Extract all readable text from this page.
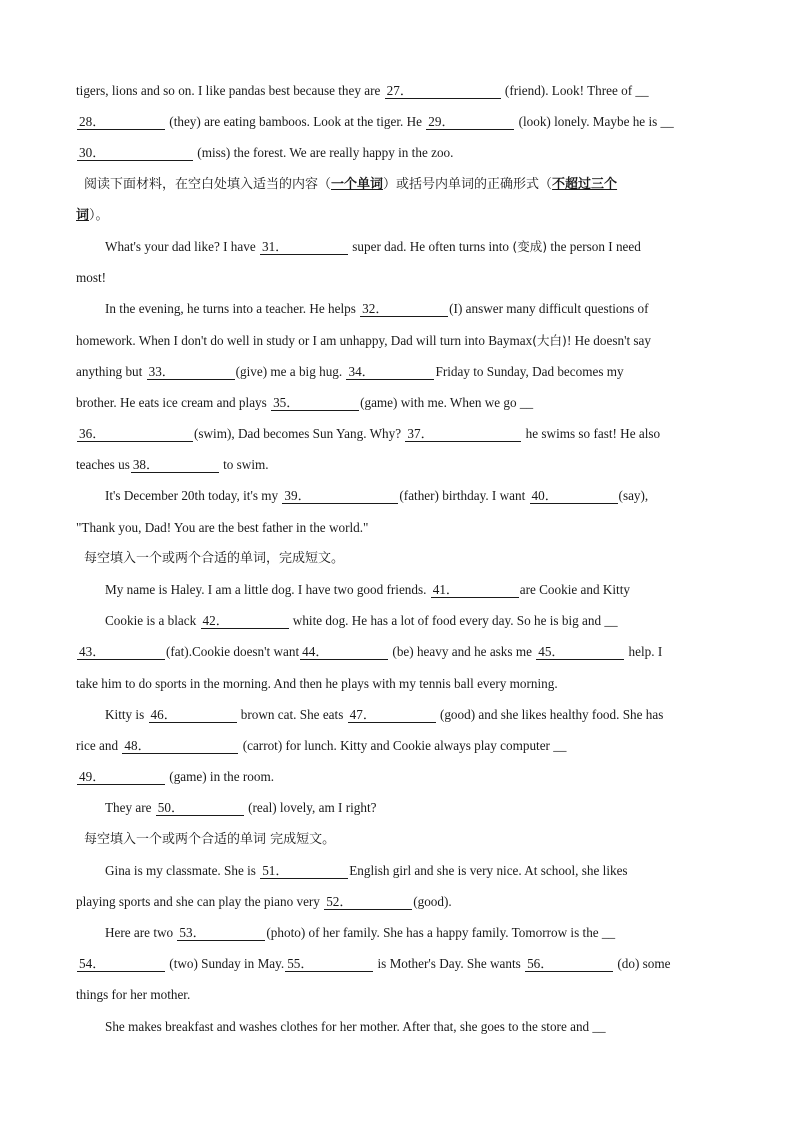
tigers, lions and so on. I like pandas best because they are 27．	(friend). Look! Three of __
28．	(they) are eating bamboos. Look at the tiger. He 29．	(look) lonely. Maybe he is __
30．	(miss) the forest. We are really happy in the zoo.
阅读下面材料，在空白处填入适当的内容（一个单词）或括号内单词的正确形式（不超过三个
词）。
What's your dad like? I have 31．	super dad. He often turns into (变成) the person I need
most!
In the evening, he turns into a teacher. He helps 32．	(I) answer many difficult questions of
homework. When I don't do well in study or I am unhappy, Dad will turn into Baymax(大白)! He doesn't say
anything but 33．	(give) me a big hug. 34．	Friday to Sunday, Dad becomes my
brother. He eats ice cream and plays 35．	(game) with me. When we go __
36．	(swim), Dad becomes Sun Yang. Why? 37．	he swims so fast! He also
teaches us 38．	to swim.
It's December 20th today, it's my 39．	(father) birthday. I want 40．	(say),
"Thank you, Dad! You are the best father in the world."
每空填入一个或两个合适的单词，完成短文。
My name is Haley. I am a little dog. I have two good friends. 41．	are Cookie and Kitty
Cookie is a black 42．	white dog. He has a lot of food every day. So he is big and __
43．	(fat).Cookie doesn't want 44．	(be) heavy and he asks me 45．	help. I
take him to do sports in the morning. And then he plays with my tennis ball every morning.
Kitty is 46．	brown cat. She eats 47．	(good) and she likes healthy food. She has
rice and 48．	(carrot) for lunch. Kitty and Cookie always play computer __
49．	(game) in the room.
They are 50．	(real) lovely, am I right?
每空填入一个或两个合适的单词 完成短文。
Gina is my classmate. She is 51．	English girl and she is very nice. At school, she likes
playing sports and she can play the piano very 52．	(good).
Here are two 53．	(photo) of her family. She has a happy family. Tomorrow is the __
54．	(two) Sunday in May. 55．	is Mother's Day. She wants 56．	(do) some
things for her mother.
She makes breakfast and washes clothes for her mother. After that, she goes to the store and __
